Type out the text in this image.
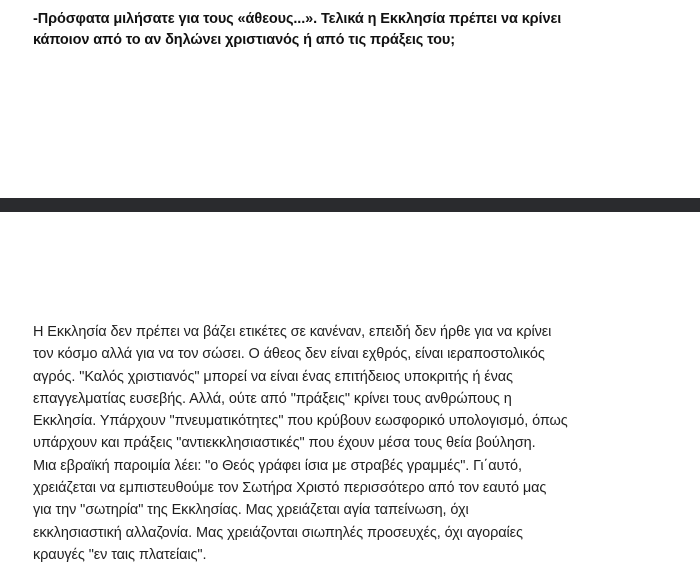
-Πρόσφατα μιλήσατε για τους «άθεους...». Τελικά η Εκκλησία πρέπει να κρίνει
κάποιον από το αν δηλώνει χριστιανός ή από τις πράξεις του;
Η Εκκλησία δεν πρέπει να βάζει ετικέτες σε κανέναν, επειδή δεν ήρθε για να κρίνει
τον κόσμο αλλά για να τον σώσει. Ο άθεος δεν είναι εχθρός, είναι ιεραποστολικός
αγρός. "Καλός χριστιανός" μπορεί να είναι ένας επιτήδειος υποκριτής ή ένας
επαγγελματίας ευσεβής. Αλλά, ούτε από "πράξεις" κρίνει τους ανθρώπους η
Εκκλησία. Υπάρχουν "πνευματικότητες" που κρύβουν εωσφορικό υπολογισμό, όπως
υπάρχουν και πράξεις "αντιεκκλησιαστικές" που έχουν μέσα τους θεία βούληση.
Μια εβραϊκή παροιμία λέει: "ο Θεός γράφει ίσια με στραβές γραμμές". Γι΄αυτό,
χρειάζεται να εμπιστευθούμε τον Σωτήρα Χριστό περισσότερο από τον εαυτό μας
για την "σωτηρία" της Εκκλησίας. Μας χρειάζεται αγία ταπείνωση, όχι
εκκλησιαστική αλλαζονία. Μας χρειάζονται σιωπηλές προσευχές, όχι αγοραίες
κραυγές "εν ταις πλατείαις".
